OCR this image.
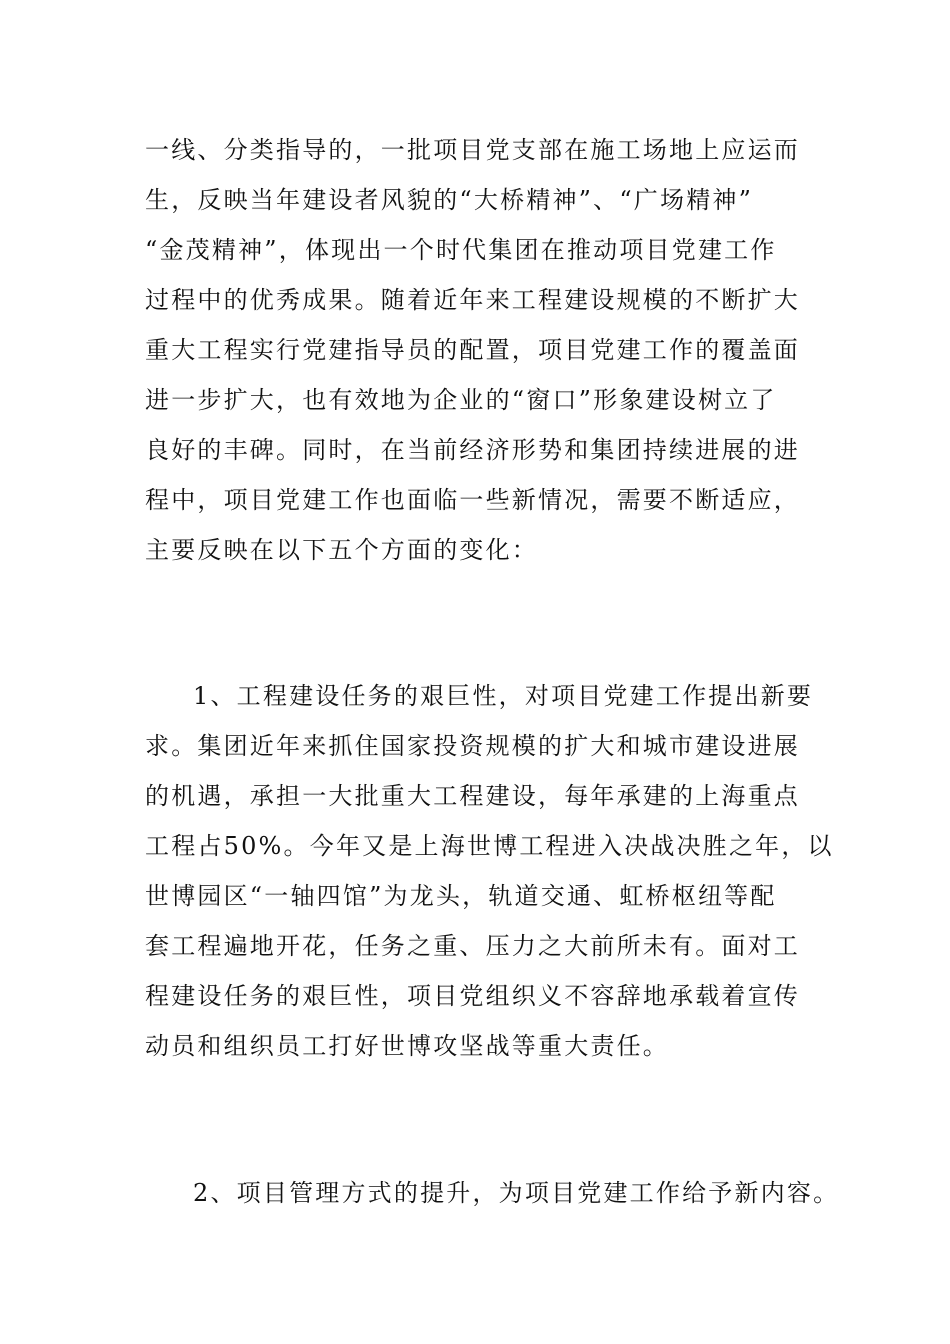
一线、分类指导的，一批项目党支部在施工场地上应运而

生，反映当年建设者风貌的“大桥精神”、“广场精神”

“金茂精神”，体现出一个时代集团在推动项目党建工作

过程中的优秀成果。随着近年来工程建设规模的不断扩大

重大工程实行党建指导员的配置，项目党建工作的覆盖面

进一步扩大，也有效地为企业的“窗口”形象建设树立了

良好的丰碑。同时，在当前经济形势和集团持续进展的进

程中，项目党建工作也面临一些新情况，需要不断适应，

主要反映在以下五个方面的变化：

1、工程建设任务的艰巨性，对项目党建工作提出新要

求。集团近年来抓住国家投资规模的扩大和城市建设进展

的机遇，承担一大批重大工程建设，每年承建的上海重点

工程占50%。今年又是上海世博工程进入决战决胜之年，以

世博园区“一轴四馆”为龙头，轨道交通、虹桥枢纽等配

套工程遍地开花，任务之重、压力之大前所未有。面对工

程建设任务的艰巨性，项目党组织义不容辞地承载着宣传

动员和组织员工打好世博攻坚战等重大责任。

2、项目管理方式的提升，为项目党建工作给予新内容。
